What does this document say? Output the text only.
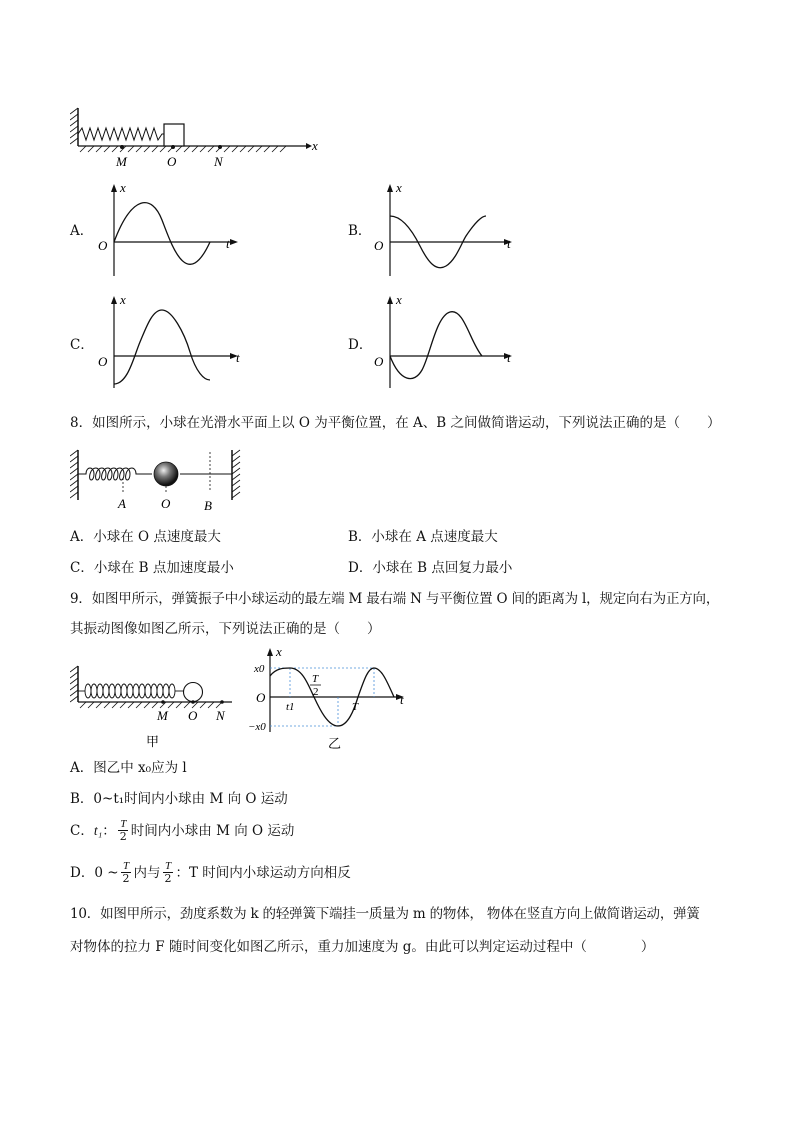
x
M	O	N
A．
x
t
O
B．
x
t
O
C．
x
t
O
D．
x
t
O
8．如图所示，小球在光滑水平面上以 O 为平衡位置，在 A、B 之间做简谐运动，下列说法正确的是（　　）
A	O	B
A．小球在 O 点速度最大	B．小球在 A 点速度最大
C．小球在 B 点加速度最小	D．小球在 B 点回复力最小
9．如图甲所示，弹簧振子中小球运动的最左端 M 最右端 N 与平衡位置 O 间的距离为 l，规定向右为正方向，
其振动图像如图乙所示，下列说法正确的是（　　）
M O N
甲
x
t
O
x0
−x0
t1
T
2
T
乙
A．图乙中 x₀应为 l
B．0~t₁时间内小球由 M 向 O 运动
C． t₁ ： $\frac{T}{2}$ 时间内小球由 M 向 O 运动
D．0 ~ $\frac{T}{2}$ 内与 $\frac{T}{2}$ ： T 时间内小球运动方向相反
10．如图甲所示，劲度系数为 k 的轻弹簧下端挂一质量为 m 的物体， 物体在竖直方向上做简谐运动，弹簧
对物体的拉力 F 随时间变化如图乙所示，重力加速度为 g。由此可以判定运动过程中（　　　　）
